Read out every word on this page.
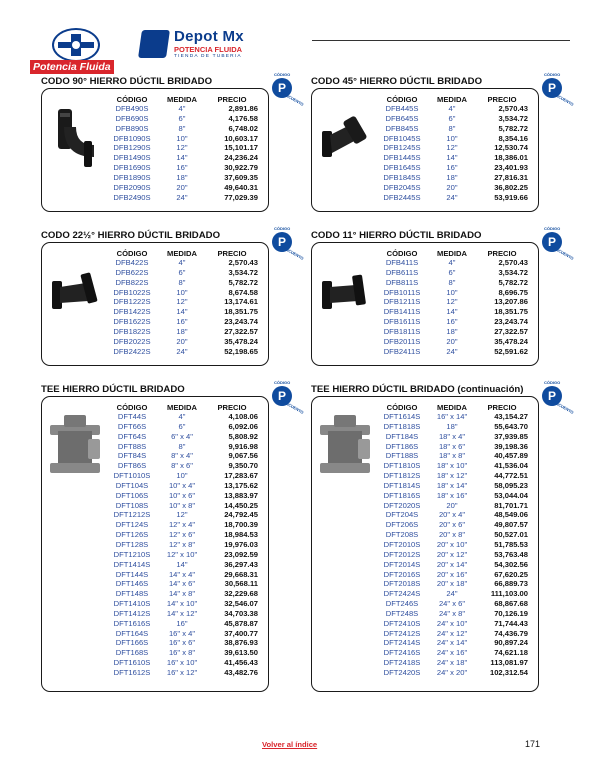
Potencia Fluida
Depot Mx
POTENCIA FLUIDA
TIENDA DE TUBERIA
CODO 90° HIERRO DÚCTIL BRIDADO
CÓDIGO
P
DESCUENTO
CÓDIGO	MEDIDA	PRECIO
DFB490S	4"	2,891.86
DFB690S	6"	4,176.58
DFB890S	8"	6,748.02
DFB1090S	10"	10,603.17
DFB1290S	12"	15,101.17
DFB1490S	14"	24,236.24
DFB1690S	16"	30,922.79
DFB1890S	18"	37,609.35
DFB2090S	20"	49,640.31
DFB2490S	24"	77,029.39
CODO 45° HIERRO DÚCTIL BRIDADO
CÓDIGO
P
DESCUENTO
CÓDIGO	MEDIDA	PRECIO
DFB445S	4"	2,570.43
DFB645S	6"	3,534.72
DFB845S	8"	5,782.72
DFB1045S	10"	8,354.16
DFB1245S	12"	12,530.74
DFB1445S	14"	18,386.01
DFB1645S	16"	23,401.93
DFB1845S	18"	27,816.31
DFB2045S	20"	36,802.25
DFB2445S	24"	53,919.66
CODO 22½° HIERRO DÚCTIL BRIDADO
CÓDIGO
P
DESCUENTO
CÓDIGO	MEDIDA	PRECIO
DFB422S	4"	2,570.43
DFB622S	6"	3,534.72
DFB822S	8"	5,782.72
DFB1022S	10"	8,674.58
DFB1222S	12"	13,174.61
DFB1422S	14"	18,351.75
DFB1622S	16"	23,243.74
DFB1822S	18"	27,322.57
DFB2022S	20"	35,478.24
DFB2422S	24"	52,198.65
CODO 11° HIERRO DÚCTIL BRIDADO
CÓDIGO
P
DESCUENTO
CÓDIGO	MEDIDA	PRECIO
DFB411S	4"	2,570.43
DFB611S	6"	3,534.72
DFB811S	8"	5,782.72
DFB1011S	10"	8,696.75
DFB1211S	12"	13,207.86
DFB1411S	14"	18,351.75
DFB1611S	16"	23,243.74
DFB1811S	18"	27,322.57
DFB2011S	20"	35,478.24
DFB2411S	24"	52,591.62
TEE HIERRO DÚCTIL BRIDADO
CÓDIGO
P
DESCUENTO
CÓDIGO	MEDIDA	PRECIO
DFT44S	4"	4,108.06
DFT66S	6"	6,092.06
DFT64S	6" x 4"	5,808.92
DFT88S	8"	9,916.98
DFT84S	8" x 4"	9,067.56
DFT86S	8" x 6"	9,350.70
DFT1010S	10"	17,283.67
DFT104S	10" x 4"	13,175.62
DFT106S	10" x 6"	13,883.97
DFT108S	10" x 8"	14,450.25
DFT1212S	12"	24,792.45
DFT124S	12" x 4"	18,700.39
DFT126S	12" x 6"	18,984.53
DFT128S	12" x 8"	19,976.03
DFT1210S	12" x 10"	23,092.59
DFT1414S	14"	36,297.43
DFT144S	14" x 4"	29,668.31
DFT146S	14" x 6"	30,568.11
DFT148S	14" x 8"	32,229.68
DFT1410S	14" x 10"	32,546.07
DFT1412S	14" x 12"	34,703.38
DFT1616S	16"	45,878.87
DFT164S	16" x 4"	37,400.77
DFT166S	16" x 6"	38,876.93
DFT168S	16" x 8"	39,613.50
DFT1610S	16" x 10"	41,456.43
DFT1612S	16" x 12"	43,482.76
TEE HIERRO DÚCTIL BRIDADO (continuación)
CÓDIGO
P
DESCUENTO
CÓDIGO	MEDIDA	PRECIO
DFT1614S	16" x 14"	43,154.27
DFT1818S	18"	55,643.70
DFT184S	18" x 4"	37,939.85
DFT186S	18" x 6"	39,198.36
DFT188S	18" x 8"	40,457.89
DFT1810S	18" x 10"	41,536.04
DFT1812S	18" x 12"	44,772.51
DFT1814S	18" x 14"	58,095.23
DFT1816S	18" x 16"	53,044.04
DFT2020S	20"	81,701.71
DFT204S	20" x 4"	48,549.06
DFT206S	20" x 6"	49,807.57
DFT208S	20" x 8"	50,527.01
DFT2010S	20" x 10"	51,785.53
DFT2012S	20" x 12"	53,763.48
DFT2014S	20" x 14"	54,302.56
DFT2016S	20" x 16"	67,620.25
DFT2018S	20" x 18"	66,889.73
DFT2424S	24"	111,103.00
DFT246S	24" x 6"	68,867.68
DFT248S	24" x 8"	70,126.19
DFT2410S	24" x 10"	71,744.43
DFT2412S	24" x 12"	74,436.79
DFT2414S	24" x 14"	90,897.24
DFT2416S	24" x 16"	74,621.18
DFT2418S	24" x 18"	113,081.97
DFT2420S	24" x 20"	102,312.54
Volver al índice	171
